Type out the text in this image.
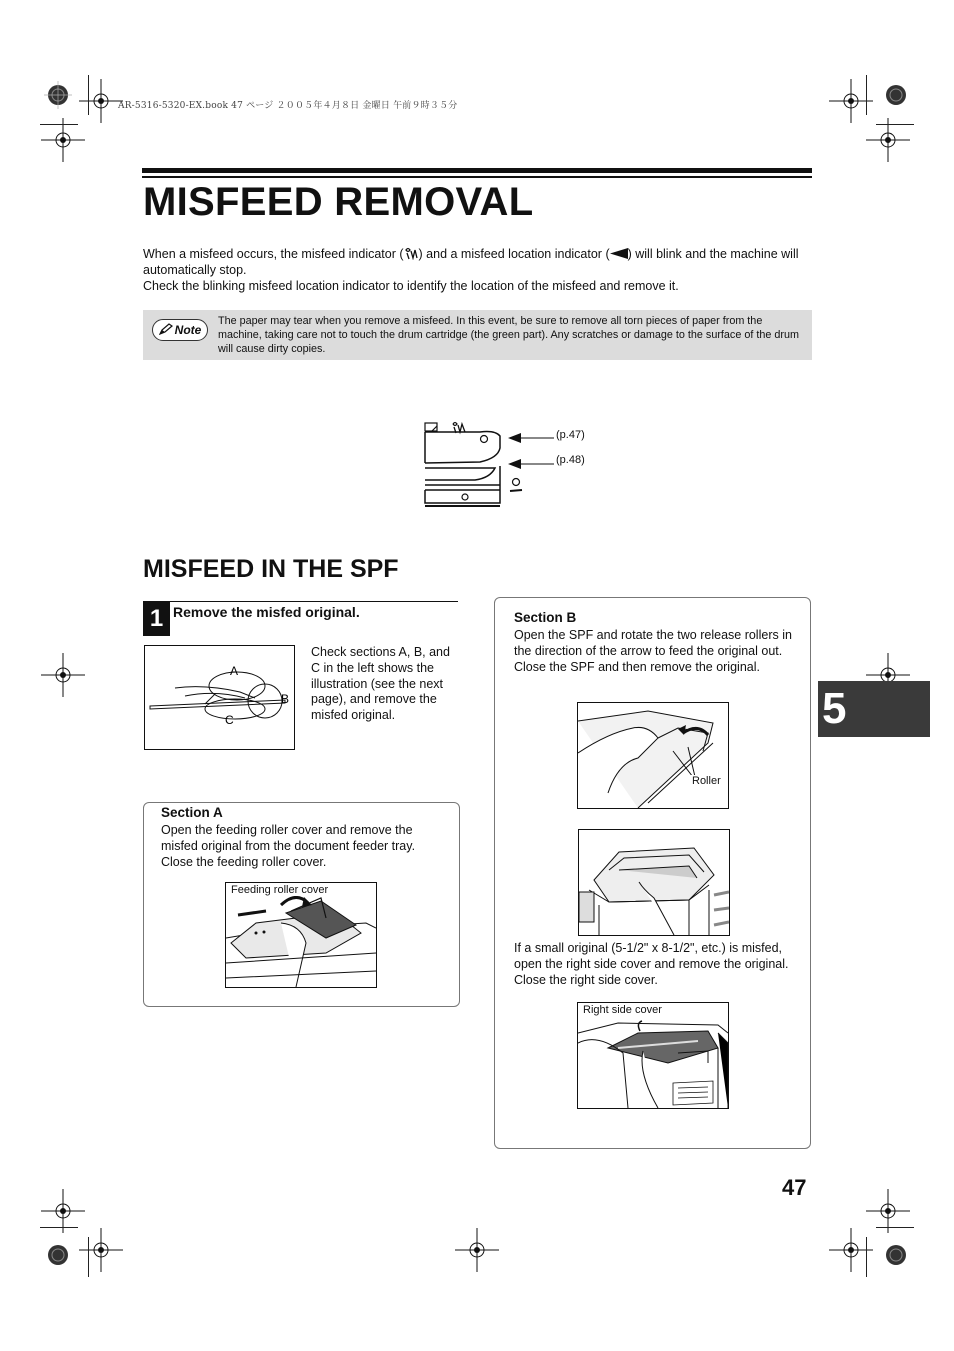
AR-5316-5320-EX.book 47 ページ ２００５年４月８日 金曜日 午前９時３５分
MISFEED REMOVAL

When a misfeed occurs, the misfeed indicator ( ) and a misfeed location indicator ( ) will blink and the machine will automatically stop.

Check the blinking misfeed location indicator to identify the location of the misfeed and remove it.

Note
The paper may tear when you remove a misfeed. In this event, be sure to remove all torn pieces of paper from the machine, taking care not to touch the drum cartridge (the green part). Any scratches or damage to the surface of the drum will cause dirty copies.
(p.47)
(p.48)
MISFEED IN THE SPF
1 Remove the misfed original.
A
B
C
Check sections A, B, and C in the left shows the illustration (see the next page), and remove the misfed original.
Section A
Open the feeding roller cover and remove the misfed original from the document feeder tray. Close the feeding roller cover.
Feeding roller cover
Section B
Open the SPF and rotate the two release rollers in the direction of the arrow to feed the original out. Close the SPF and then remove the original.
Roller
If a small original (5-1/2" x 8-1/2", etc.) is misfed, open the right side cover and remove the original. Close the right side cover.
Right side cover
5
47
